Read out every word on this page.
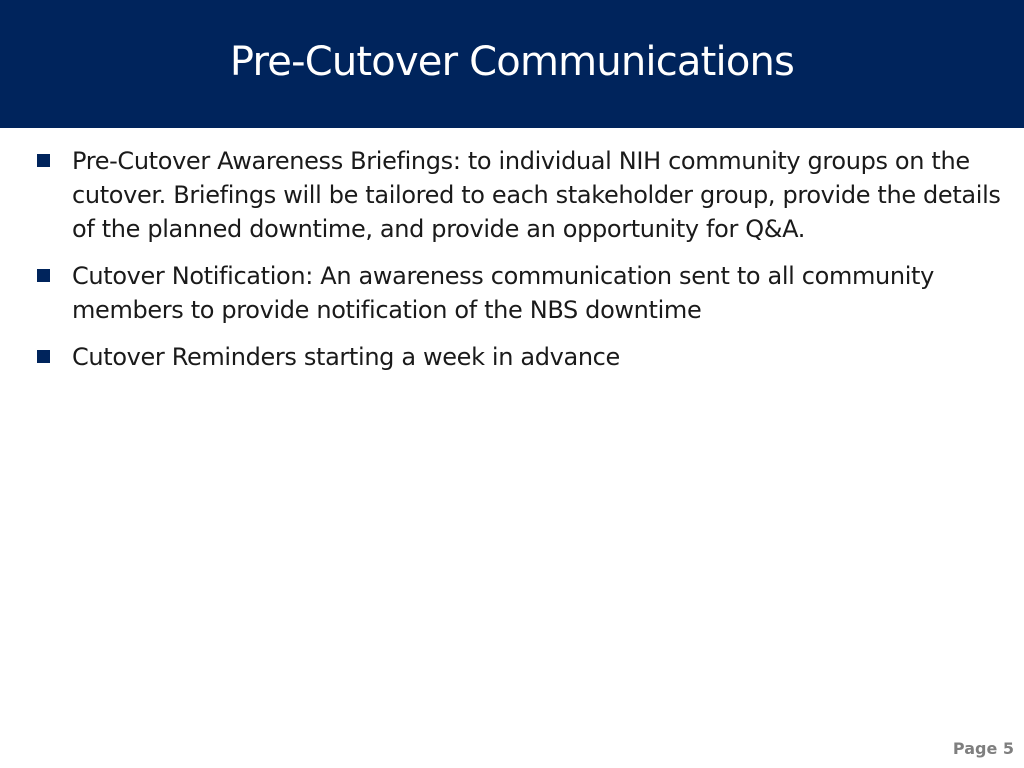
Pre-Cutover Communications
Pre-Cutover Awareness Briefings: to individual NIH community groups on the cutover. Briefings will be tailored to each stakeholder group, provide the details of the planned downtime, and provide an opportunity for Q&A.
Cutover Notification: An awareness communication sent to all community members to provide notification of the NBS downtime
Cutover Reminders starting a week in advance
Page 5
